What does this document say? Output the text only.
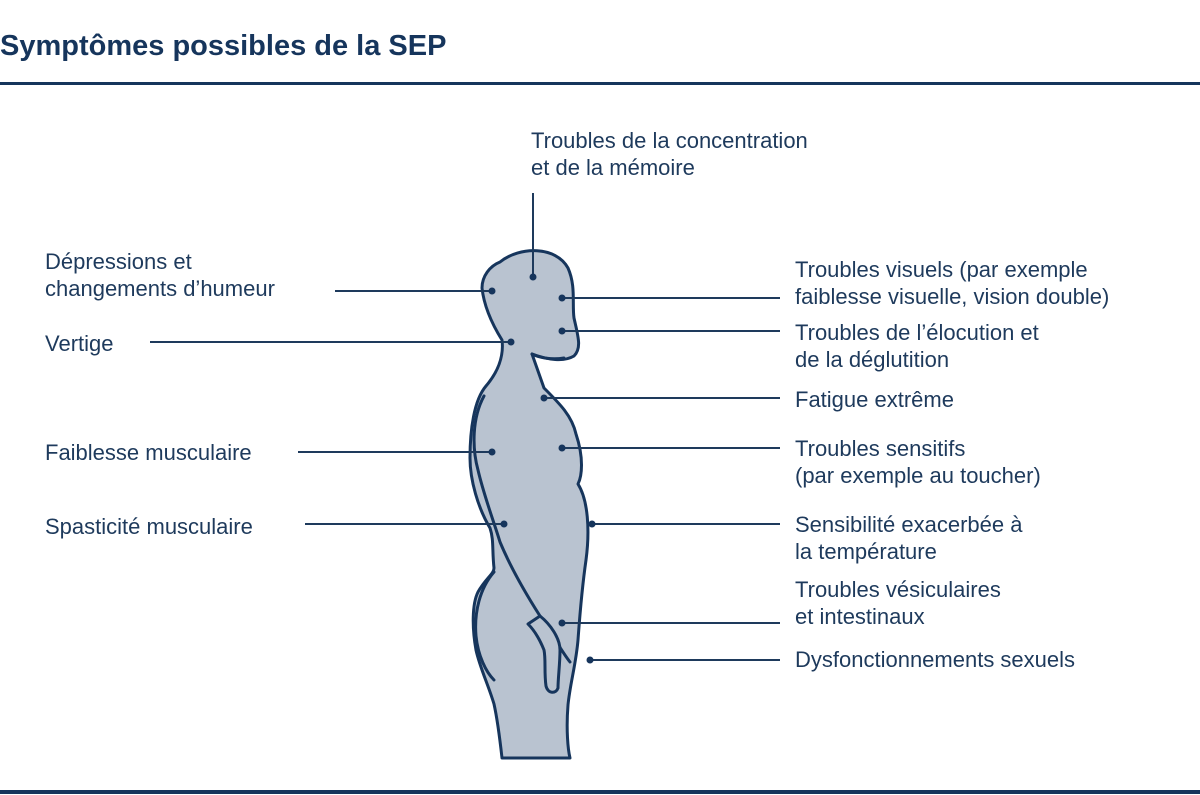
Symptômes possibles de la SEP
Troubles de la concentration
et de la mémoire
Dépressions et
changements d’humeur
Vertige
Faiblesse musculaire
Spasticité musculaire
Troubles visuels (par exemple
faiblesse visuelle, vision double)
Troubles de l’élocution et
de la déglutition
Fatigue extrême
Troubles sensitifs
(par exemple au toucher)
Sensibilité exacerbée à
la température
Troubles vésiculaires
et intestinaux
Dysfonctionnements sexuels
